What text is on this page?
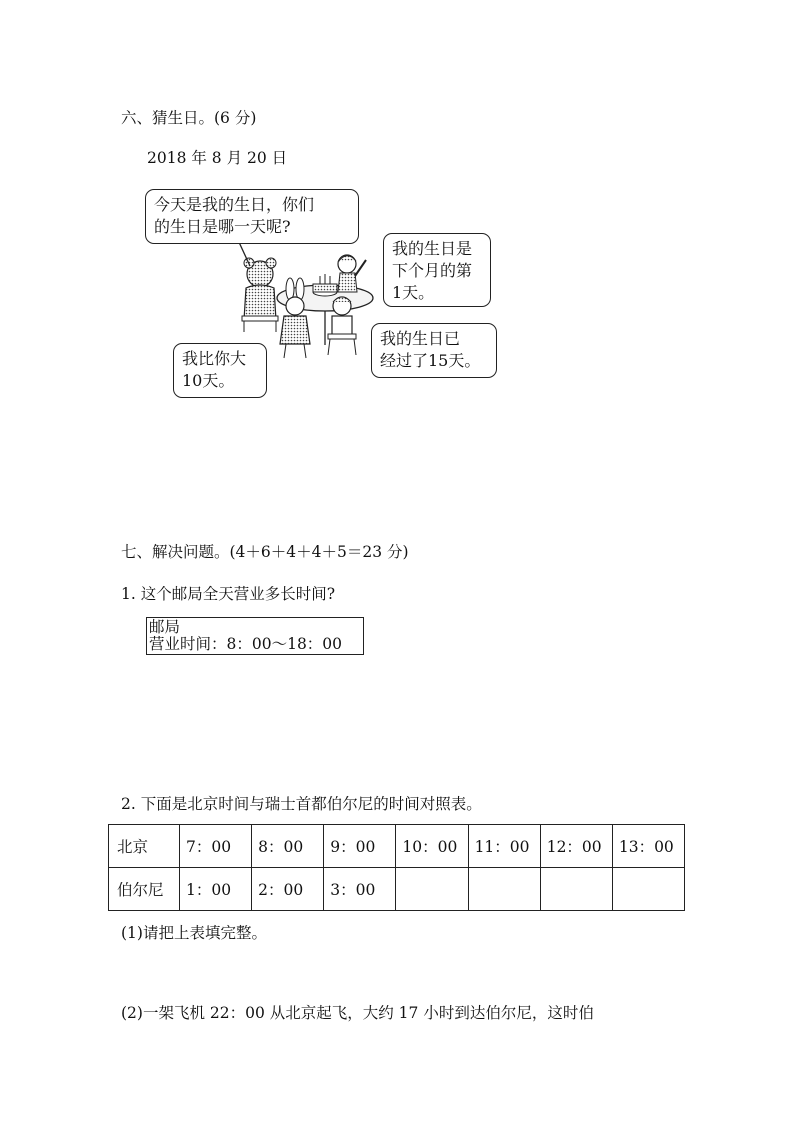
六、猜生日。(6 分)
2018 年 8 月 20 日
今天是我的生日，你们
的生日是哪一天呢?
我的生日是
下个月的第
1天。
我比你大
10天。
我的生日已
经过了15天。
七、解决问题。(4＋6＋4＋4＋5＝23 分)
1. 这个邮局全天营业多长时间?
邮局
营业时间：8：00～18：00
2. 下面是北京时间与瑞士首都伯尔尼的时间对照表。
北京	7：00	8：00	9：00	10：00	11：00	12：00	13：00
伯尔尼	1：00	2：00	3：00				
(1)请把上表填完整。
(2)一架飞机 22：00 从北京起飞，大约 17 小时到达伯尔尼，这时伯
